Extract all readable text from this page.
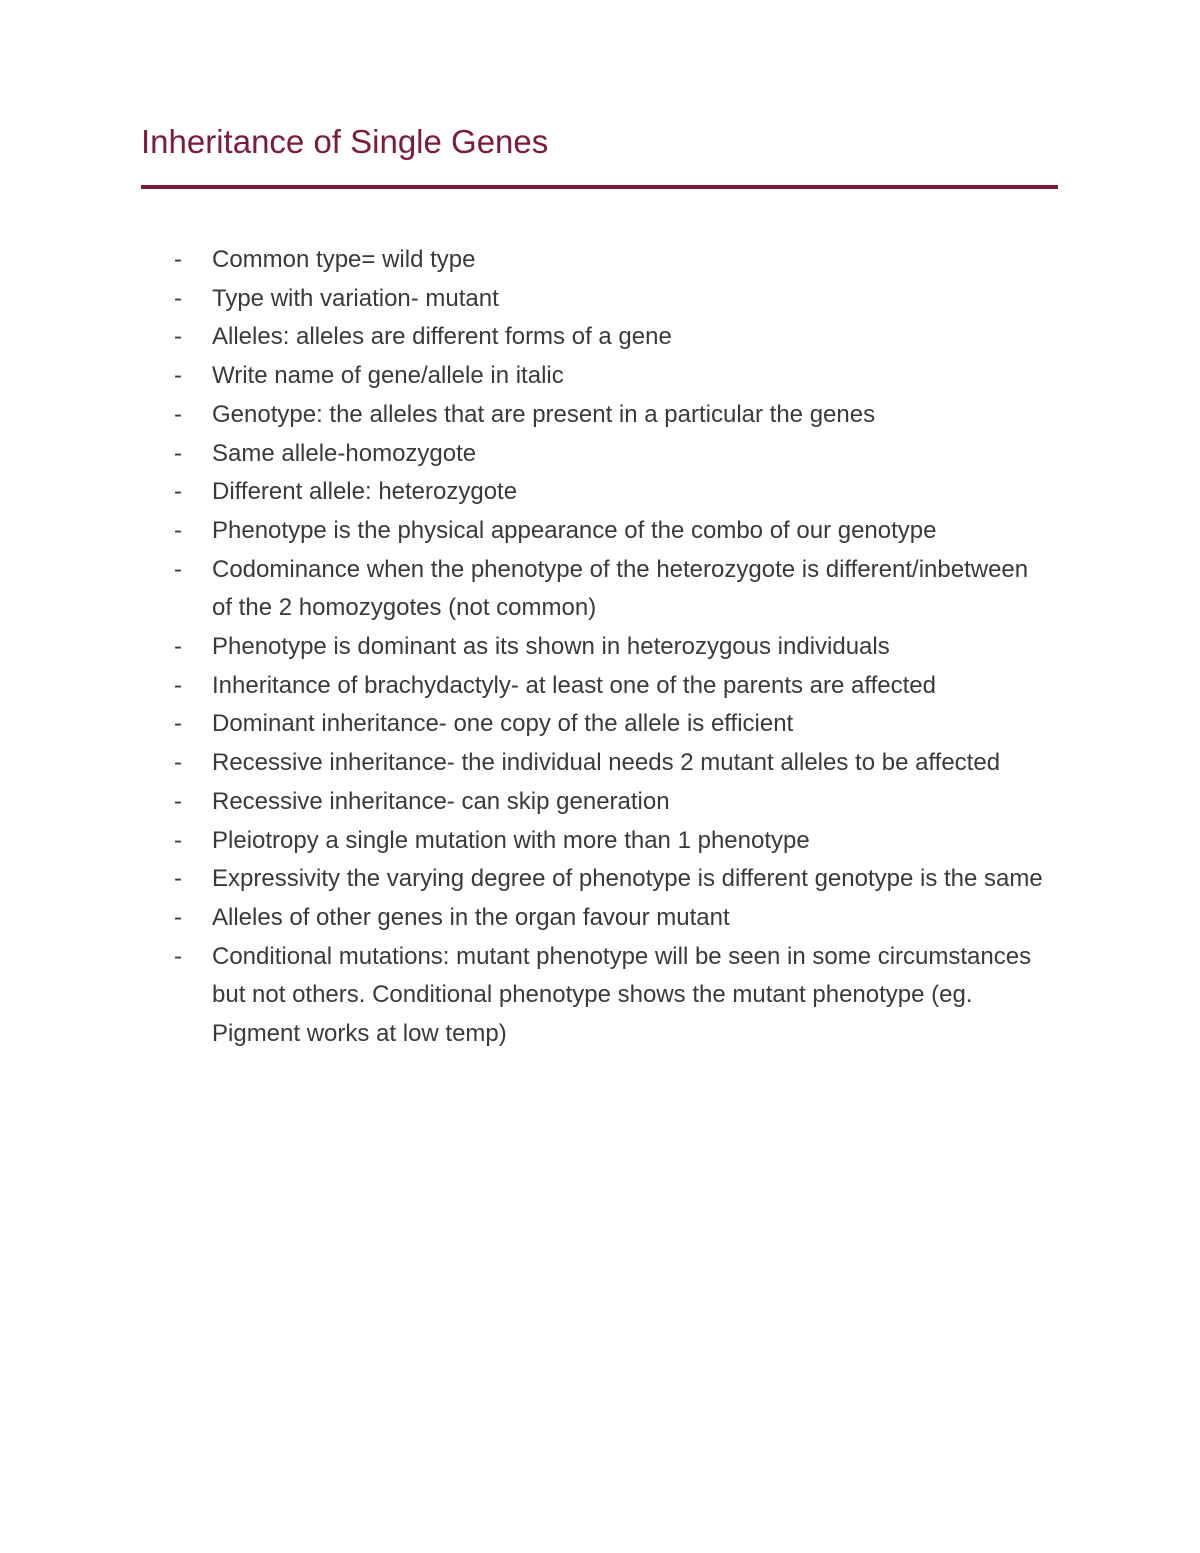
Inheritance of Single Genes
-	Common type= wild type
-	Type with variation- mutant
-	Alleles: alleles are different forms of a gene
-	Write name of gene/allele in italic
-	Genotype: the alleles that are present in a particular the genes
-	Same allele-homozygote
-	Different allele: heterozygote
-	Phenotype is the physical appearance of the combo of our genotype
-	Codominance when the phenotype of the heterozygote is different/inbetween of the 2 homozygotes (not common)
-	Phenotype is dominant as its shown in heterozygous individuals
-	Inheritance of brachydactyly- at least one of the parents are affected
-	Dominant inheritance- one copy of the allele is efficient
-	Recessive inheritance- the individual needs 2 mutant alleles to be affected
-	Recessive inheritance- can skip generation
-	Pleiotropy a single mutation with more than 1 phenotype
-	Expressivity the varying degree of phenotype is different genotype is the same
-	Alleles of other genes in the organ favour mutant
-	Conditional mutations: mutant phenotype will be seen in some circumstances but not others. Conditional phenotype shows the mutant phenotype (eg. Pigment works at low temp)
